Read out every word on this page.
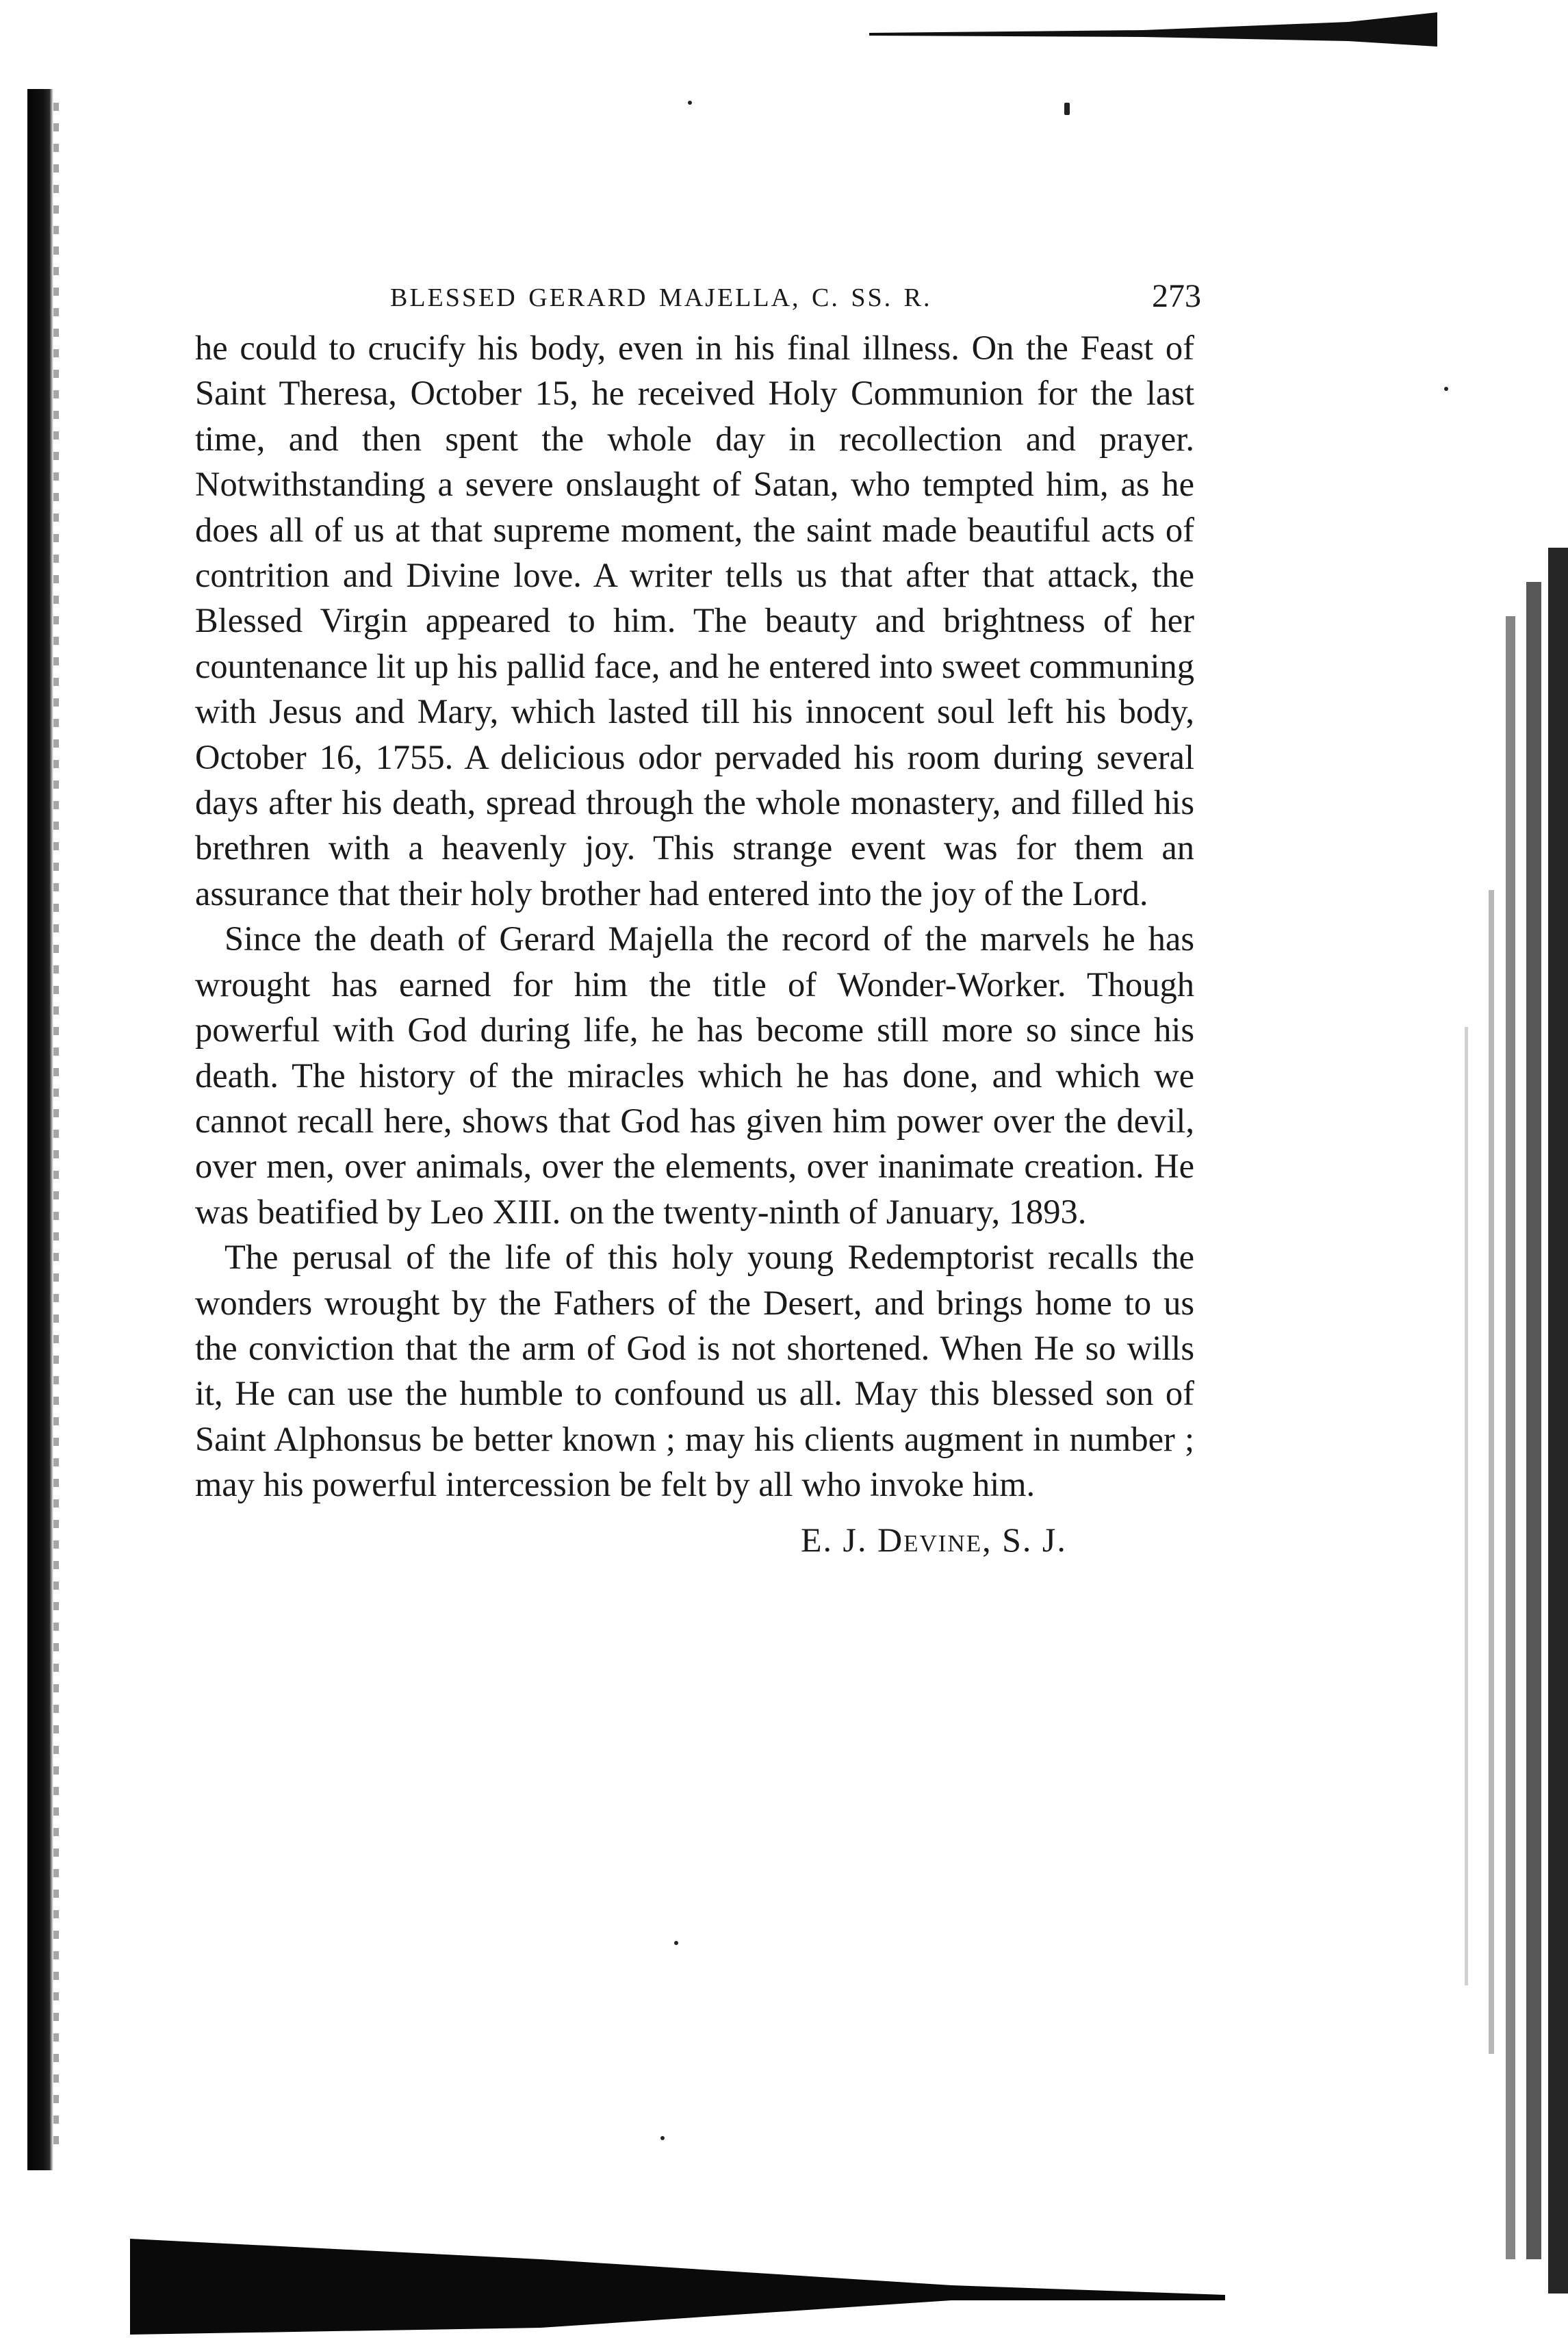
BLESSED GERARD MAJELLA, C. SS. R.	273

he could to crucify his body, even in his final illness. On the Feast of Saint Theresa, October 15, he received Holy Communion for the last time, and then spent the whole day in recollection and prayer. Notwithstanding a severe onslaught of Satan, who tempted him, as he does all of us at that supreme moment, the saint made beautiful acts of contrition and Divine love. A writer tells us that after that attack, the Blessed Virgin appeared to him. The beauty and brightness of her countenance lit up his pallid face, and he entered into sweet communing with Jesus and Mary, which lasted till his innocent soul left his body, October 16, 1755. A delicious odor pervaded his room during several days after his death, spread through the whole monastery, and filled his brethren with a heavenly joy. This strange event was for them an assurance that their holy brother had entered into the joy of the Lord.

Since the death of Gerard Majella the record of the marvels he has wrought has earned for him the title of Wonder-Worker. Though powerful with God during life, he has become still more so since his death. The history of the miracles which he has done, and which we cannot recall here, shows that God has given him power over the devil, over men, over animals, over the elements, over inanimate creation. He was beatified by Leo XIII. on the twenty-ninth of January, 1893.

The perusal of the life of this holy young Redemptorist recalls the wonders wrought by the Fathers of the Desert, and brings home to us the conviction that the arm of God is not shortened. When He so wills it, He can use the humble to confound us all. May this blessed son of Saint Alphonsus be better known ; may his clients augment in number ; may his powerful intercession be felt by all who invoke him.

E. J. Devine, S. J.
